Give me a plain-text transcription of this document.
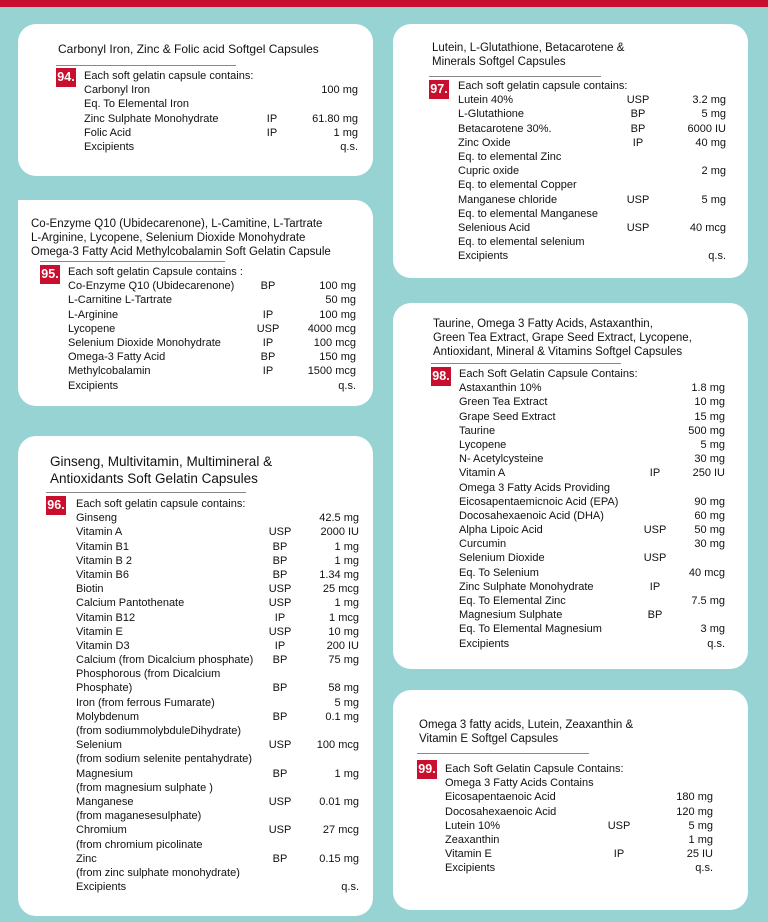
Carbonyl Iron, Zinc & Folic acid Softgel Capsules
94. Each soft gelatin capsule contains:
Carbonyl Iron	100 mg
Eq. To Elemental Iron
Zinc Sulphate Monohydrate	IP	61.80 mg
Folic Acid	IP	1 mg
Excipients	q.s.
Co-Enzyme Q10 (Ubidecarenone), L-Camitine, L-Tartrate
L-Arginine, Lycopene, Selenium Dioxide Monohydrate
Omega-3 Fatty Acid Methylcobalamin Soft Gelatin Capsule
95. Each soft gelatin Capsule contains :
Co-Enzyme Q10 (Ubidecarenone)	BP	100 mg
L-Carnitine L-Tartrate	50 mg
L-Arginine	IP	100 mg
Lycopene	USP	4000 mcg
Selenium Dioxide Monohydrate	IP	100 mcg
Omega-3 Fatty Acid	BP	150 mg
Methylcobalamin	IP	1500 mcg
Excipients	q.s.
Ginseng, Multivitamin, Multimineral &
Antioxidants Soft Gelatin Capsules
96. Each soft gelatin capsule contains:
Ginseng	42.5 mg
Vitamin A	USP	2000 IU
Vitamin B1	BP	1 mg
Vitamin B 2	BP	1 mg
Vitamin B6	BP	1.34 mg
Biotin	USP	25 mcg
Calcium Pantothenate	USP	1 mg
Vitamin B12	IP	1 mcg
Vitamin E	USP	10 mg
Vitamin D3	IP	200 IU
Calcium (from Dicalcium phosphate)	BP	75 mg
Phosphorous (from Dicalcium
Phosphate)	BP	58 mg
Iron (from ferrous Fumarate)	5 mg
Molybdenum	BP	0.1 mg
(from sodiummolybduleDihydrate)
Selenium	USP	100 mcg
(from sodium selenite pentahydrate)
Magnesium	BP	1 mg
(from magnesium sulphate )
Manganese	USP	0.01 mg
(from maganesesulphate)
Chromium	USP	27 mcg
(from chromium picolinate
Zinc	BP	0.15 mg
(from zinc sulphate monohydrate)
Excipients	q.s.
Lutein, L-Glutathione, Betacarotene &
Minerals Softgel Capsules
97. Each soft gelatin capsule contains:
Lutein 40%	USP	3.2 mg
L-Glutathione	BP	5 mg
Betacarotene 30%.	BP	6000 IU
Zinc Oxide	IP	40 mg
Eq. to elemental Zinc
Cupric oxide	2 mg
Eq. to elemental Copper
Manganese chloride	USP	5 mg
Eq. to elemental Manganese
Selenious Acid	USP	40 mcg
Eq. to elemental selenium
Excipients	q.s.
Taurine, Omega 3 Fatty Acids, Astaxanthin,
Green Tea Extract, Grape Seed Extract, Lycopene,
Antioxidant, Mineral & Vitamins Softgel Capsules
98. Each Soft Gelatin Capsule Contains:
Astaxanthin 10%	1.8 mg
Green Tea Extract	10 mg
Grape Seed Extract	15 mg
Taurine	500 mg
Lycopene	5 mg
N- Acetylcysteine	30 mg
Vitamin A	IP	250 IU
Omega 3 Fatty Acids Providing
Eicosapentaemicnoic Acid (EPA)	90 mg
Docosahexaenoic Acid (DHA)	60 mg
Alpha Lipoic Acid	USP	50 mg
Curcumin	30 mg
Selenium Dioxide	USP
Eq. To Selenium	40 mcg
Zinc Sulphate Monohydrate	IP
Eq. To Elemental Zinc	7.5 mg
Magnesium Sulphate	BP
Eq. To Elemental Magnesium	3 mg
Excipients	q.s.
Omega 3 fatty acids, Lutein, Zeaxanthin &
Vitamin E Softgel Capsules
99. Each Soft Gelatin Capsule Contains:
Omega 3 Fatty Acids Contains
Eicosapentaenoic Acid	180 mg
Docosahexaenoic Acid	120 mg
Lutein 10%	USP	5 mg
Zeaxanthin	1 mg
Vitamin E	IP	25 IU
Excipients	q.s.
